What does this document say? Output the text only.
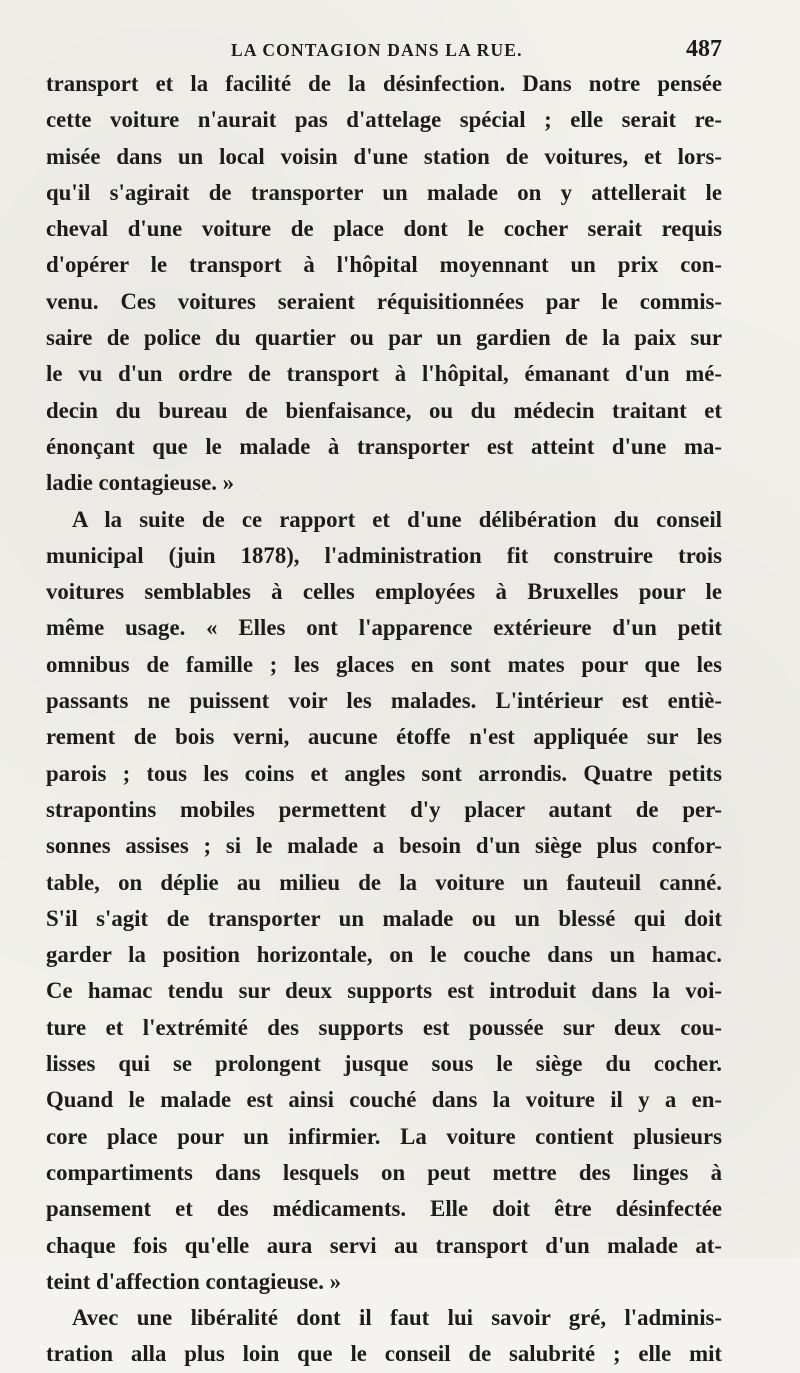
LA CONTAGION DANS LA RUE.	487
transport et la facilité de la désinfection. Dans notre pensée
cette voiture n'aurait pas d'attelage spécial ; elle serait re-
misée dans un local voisin d'une station de voitures, et lors-
qu'il s'agirait de transporter un malade on y attellerait le
cheval d'une voiture de place dont le cocher serait requis
d'opérer le transport à l'hôpital moyennant un prix con-
venu. Ces voitures seraient réquisitionnées par le commis-
saire de police du quartier ou par un gardien de la paix sur
le vu d'un ordre de transport à l'hôpital, émanant d'un mé-
decin du bureau de bienfaisance, ou du médecin traitant et
énonçant que le malade à transporter est atteint d'une ma-
ladie contagieuse. »
A la suite de ce rapport et d'une délibération du conseil
municipal (juin 1878), l'administration fit construire trois
voitures semblables à celles employées à Bruxelles pour le
même usage. « Elles ont l'apparence extérieure d'un petit
omnibus de famille ; les glaces en sont mates pour que les
passants ne puissent voir les malades. L'intérieur est entiè-
rement de bois verni, aucune étoffe n'est appliquée sur les
parois ; tous les coins et angles sont arrondis. Quatre petits
strapontins mobiles permettent d'y placer autant de per-
sonnes assises ; si le malade a besoin d'un siège plus confor-
table, on déplie au milieu de la voiture un fauteuil canné.
S'il s'agit de transporter un malade ou un blessé qui doit
garder la position horizontale, on le couche dans un hamac.
Ce hamac tendu sur deux supports est introduit dans la voi-
ture et l'extrémité des supports est poussée sur deux cou-
lisses qui se prolongent jusque sous le siège du cocher.
Quand le malade est ainsi couché dans la voiture il y a en-
core place pour un infirmier. La voiture contient plusieurs
compartiments dans lesquels on peut mettre des linges à
pansement et des médicaments. Elle doit être désinfectée
chaque fois qu'elle aura servi au transport d'un malade at-
teint d'affection contagieuse. »
Avec une libéralité dont il faut lui savoir gré, l'adminis-
tration alla plus loin que le conseil de salubrité ; elle mit
